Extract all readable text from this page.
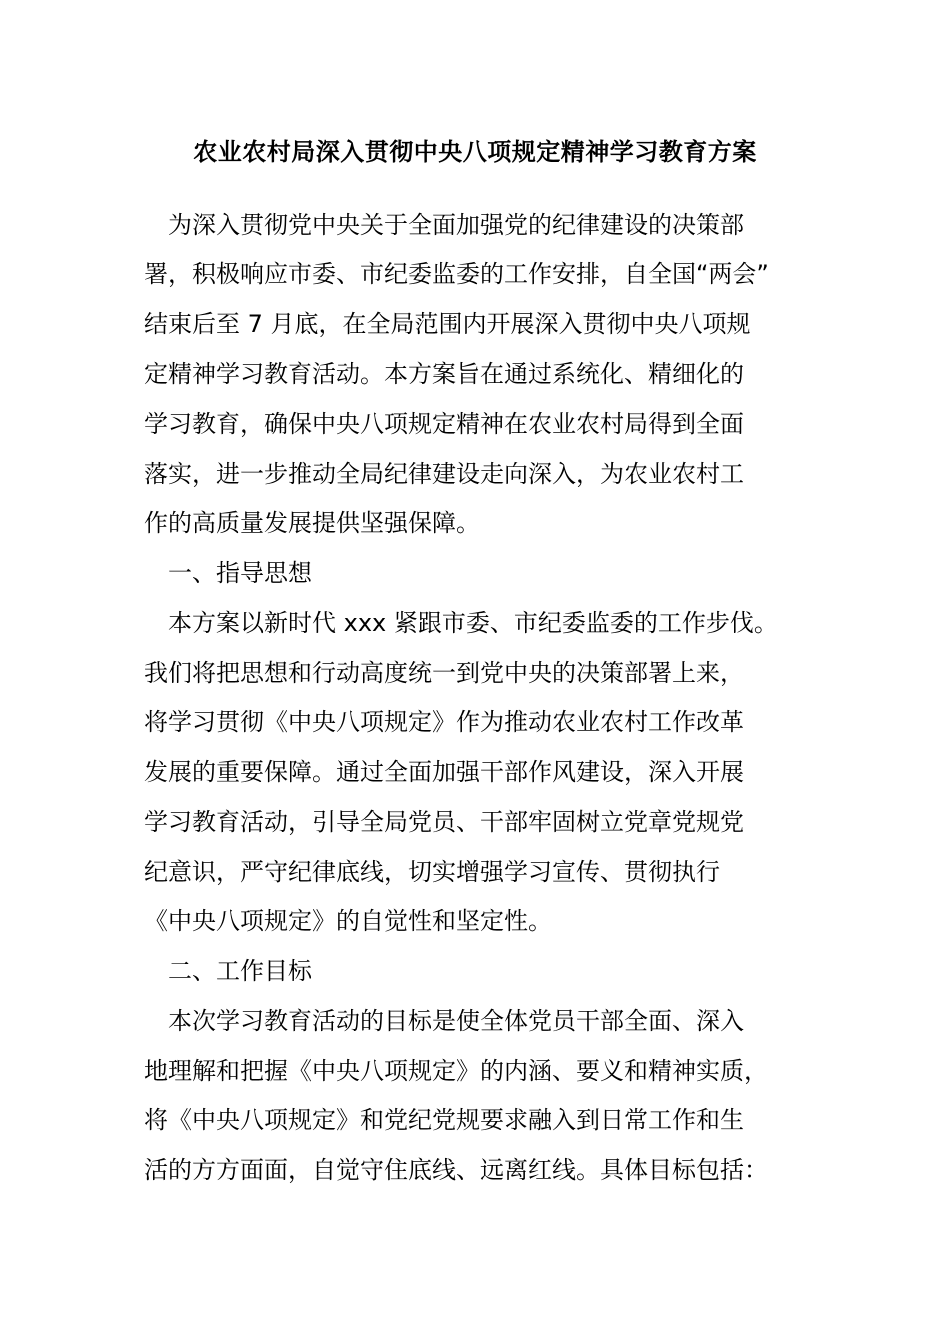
农业农村局深入贯彻中央八项规定精神学习教育方案
　为深入贯彻党中央关于全面加强党的纪律建设的决策部
署，积极响应市委、市纪委监委的工作安排，自全国“两会”
结束后至 7 月底，在全局范围内开展深入贯彻中央八项规
定精神学习教育活动。本方案旨在通过系统化、精细化的
学习教育，确保中央八项规定精神在农业农村局得到全面
落实，进一步推动全局纪律建设走向深入，为农业农村工
作的高质量发展提供坚强保障。
　一、指导思想
　本方案以新时代 xxx 紧跟市委、市纪委监委的工作步伐。
我们将把思想和行动高度统一到党中央的决策部署上来，
将学习贯彻《中央八项规定》作为推动农业农村工作改革
发展的重要保障。通过全面加强干部作风建设，深入开展
学习教育活动，引导全局党员、干部牢固树立党章党规党
纪意识，严守纪律底线，切实增强学习宣传、贯彻执行
《中央八项规定》的自觉性和坚定性。
　二、工作目标
　本次学习教育活动的目标是使全体党员干部全面、深入
地理解和把握《中央八项规定》的内涵、要义和精神实质，
将《中央八项规定》和党纪党规要求融入到日常工作和生
活的方方面面，自觉守住底线、远离红线。具体目标包括：
